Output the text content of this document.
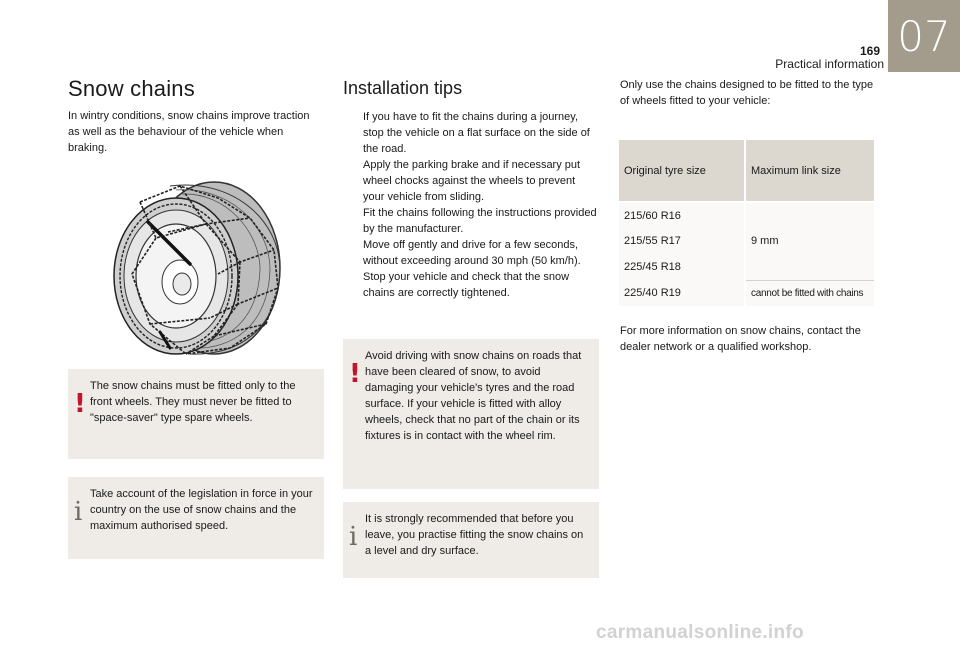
07
169
Practical information
Snow chains

In wintry conditions, snow chains improve traction as well as the behaviour of the vehicle when braking.

!
The snow chains must be fitted only to the front wheels. They must never be fitted to "space-saver" type spare wheels.
i
Take account of the legislation in force in your country on the use of snow chains and the maximum authorised speed.
Installation tips
If you have to fit the chains during a journey, stop the vehicle on a flat surface on the side of the road.
Apply the parking brake and if necessary put wheel chocks against the wheels to prevent your vehicle from sliding.
Fit the chains following the instructions provided by the manufacturer.
Move off gently and drive for a few seconds, without exceeding around 30 mph (50 km/h).
Stop your vehicle and check that the snow chains are correctly tightened.
!
Avoid driving with snow chains on roads that have been cleared of snow, to avoid damaging your vehicle's tyres and the road surface. If your vehicle is fitted with alloy wheels, check that no part of the chain or its fixtures is in contact with the wheel rim.
i
It is strongly recommended that before you leave, you practise fitting the snow chains on a level and dry surface.

Only use the chains designed to be fitted to the type of wheels fitted to your vehicle:

Original tyre size	Maximum link size
215/60 R16	9 mm
215/55 R17	
225/45 R18	
225/40 R19	cannot be fitted with chains

For more information on snow chains, contact the dealer network or a qualified workshop.

carmanualsonline.info
